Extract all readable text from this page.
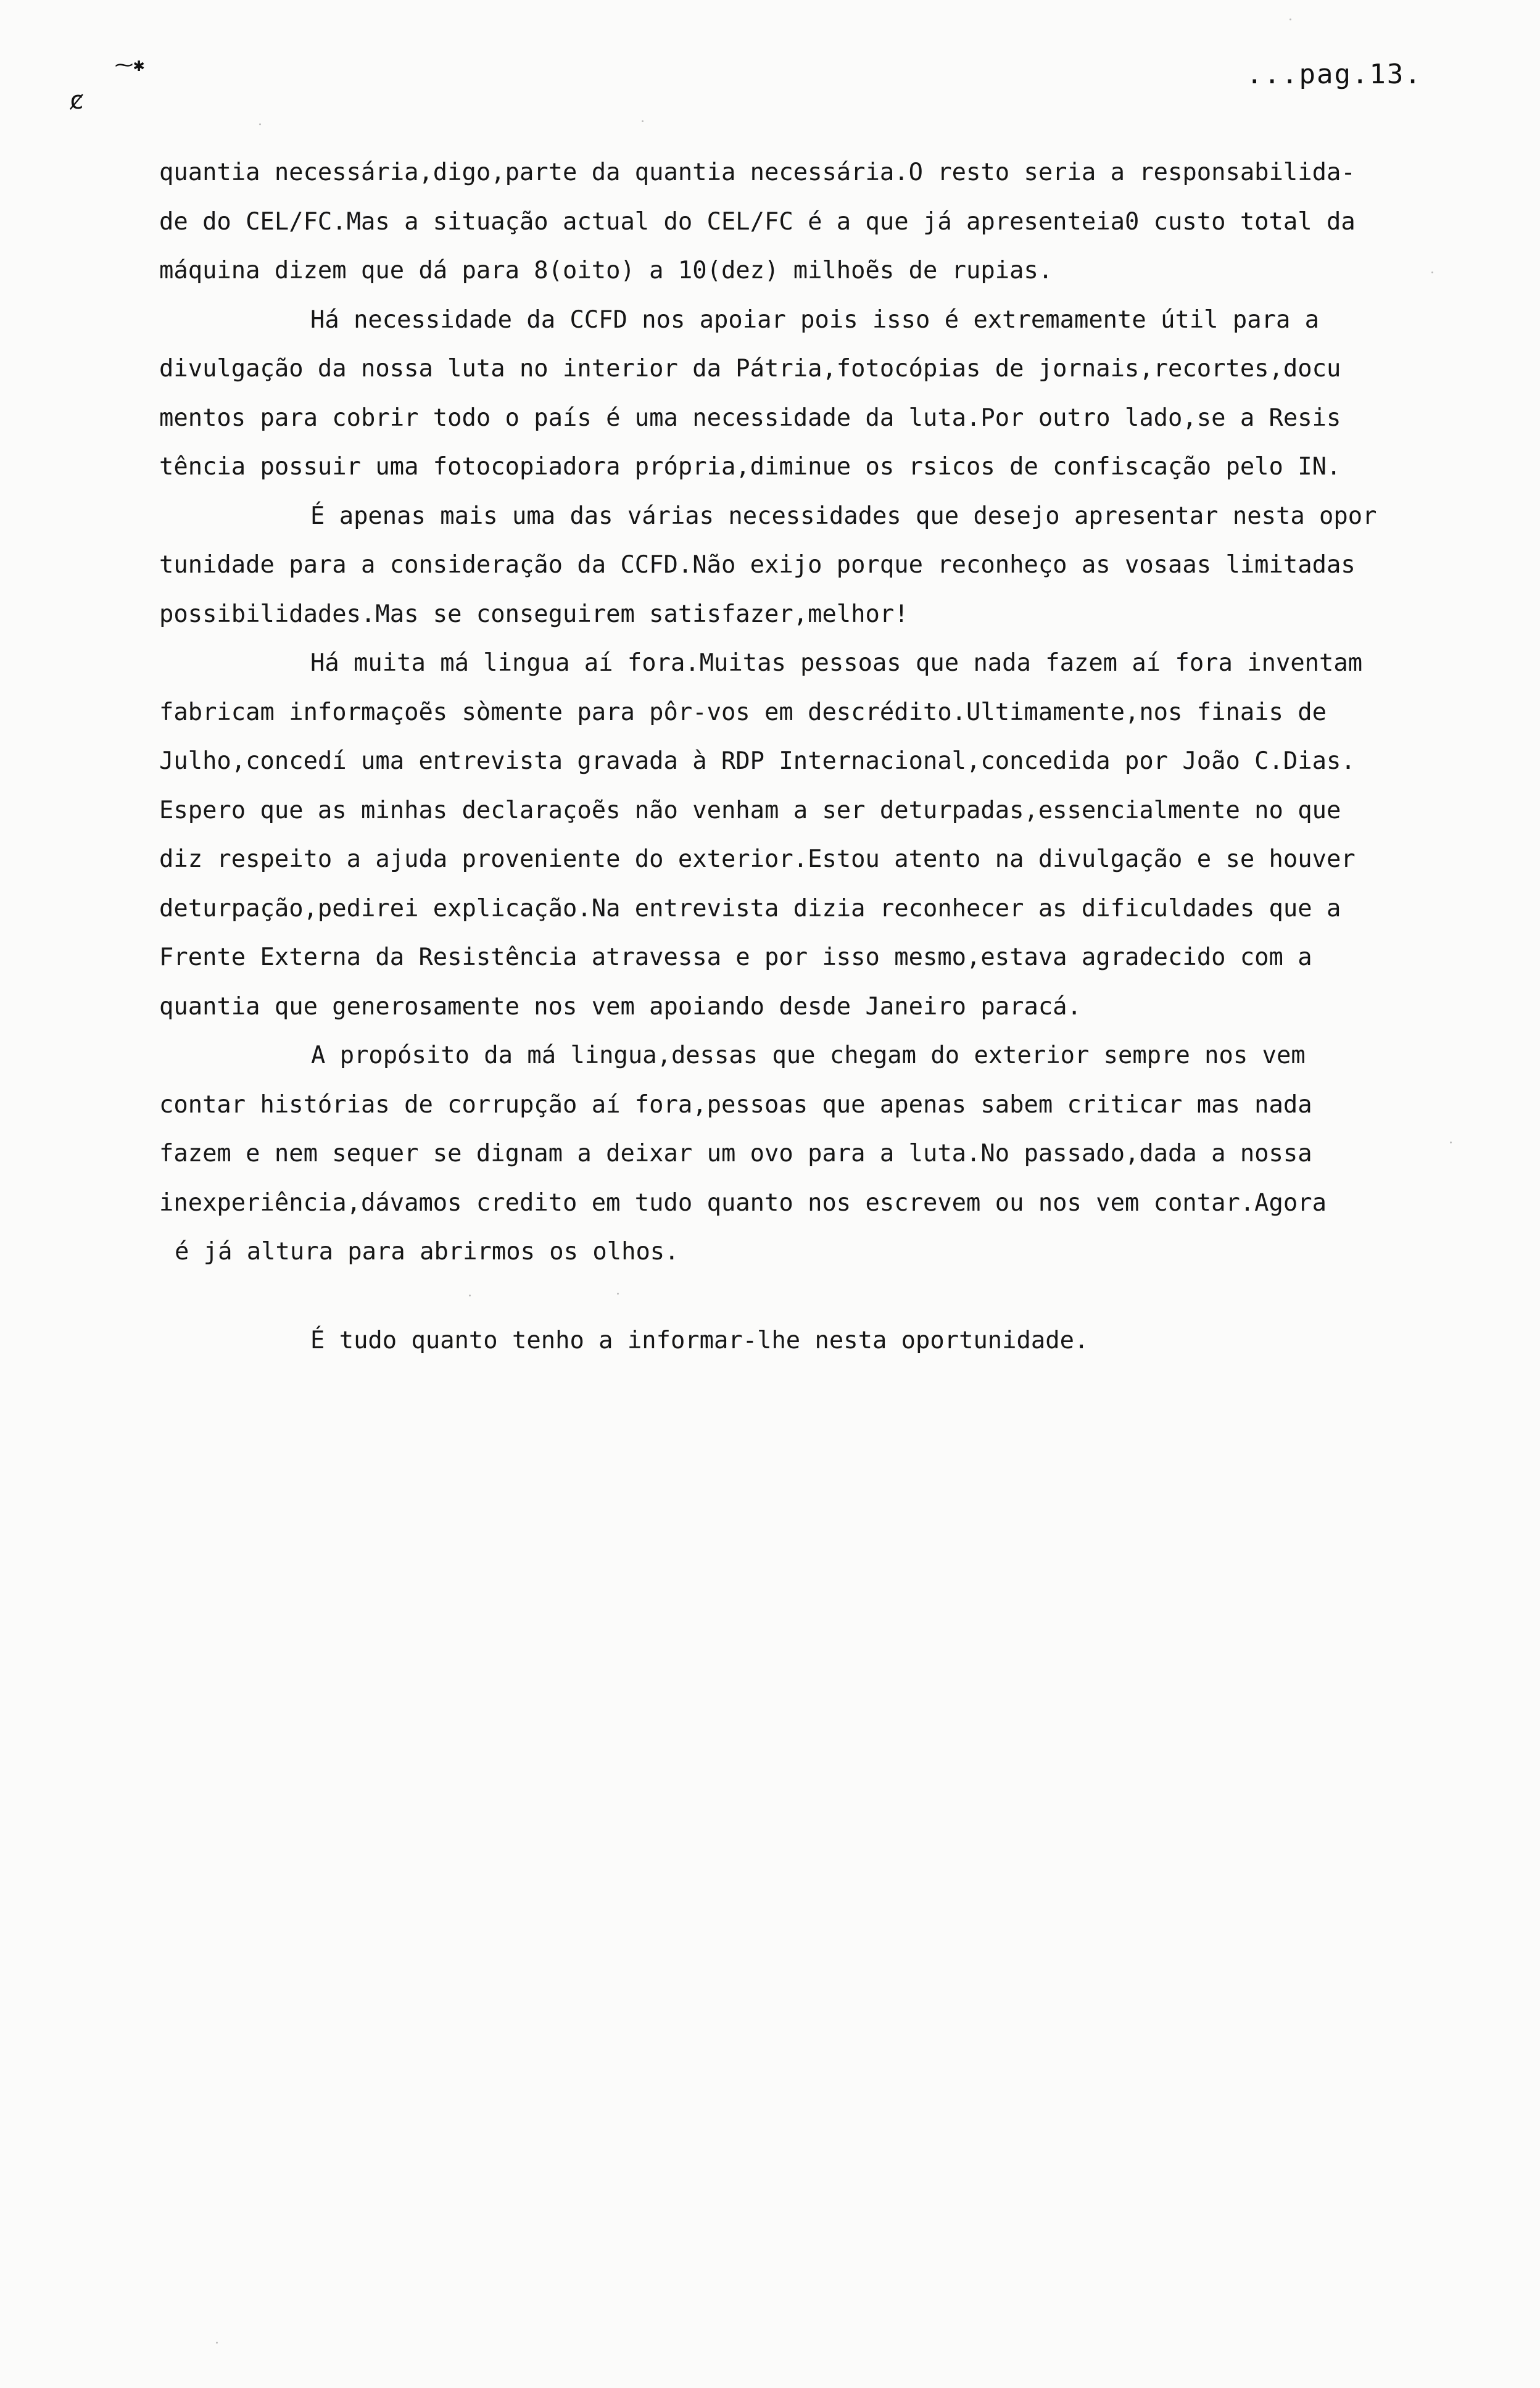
ȼ
⁓✱	...pag.13.
quantia necessária,digo,parte da quantia necessária.O resto seria a responsabilida-
de do CEL/FC.Mas a situação actual do CEL/FC é a que já apresenteia0 custo total da
máquina dizem que dá para 8(oito) a 10(dez) milhoẽs de rupias.
Há necessidade da CCFD nos apoiar pois isso é extremamente útil para a
divulgação da nossa luta no interior da Pátria,fotocópias de jornais,recortes,docu
mentos para cobrir todo o país é uma necessidade da luta.Por outro lado,se a Resis
tência possuir uma fotocopiadora própria,diminue os rsicos de confiscação pelo IN.
É apenas mais uma das várias necessidades que desejo apresentar nesta opor
tunidade para a consideração da CCFD.Não exijo porque reconheço as vosaas limitadas
possibilidades.Mas se conseguirem satisfazer,melhor!
Há muita má lingua aí fora.Muitas pessoas que nada fazem aí fora inventam
fabricam informaçoẽs sòmente para pôr-vos em descrédito.Ultimamente,nos finais de
Julho,concedí uma entrevista gravada à RDP Internacional,concedida por João C.Dias.
Espero que as minhas declaraçoẽs não venham a ser deturpadas,essencialmente no que
diz respeito a ajuda proveniente do exterior.Estou atento na divulgação e se houver
deturpação,pedirei explicação.Na entrevista dizia reconhecer as dificuldades que a
Frente Externa da Resistência atravessa e por isso mesmo,estava agradecido com a
quantia que generosamente nos vem apoiando desde Janeiro paracá.
A propósito da má lingua,dessas que chegam do exterior sempre nos vem
contar histórias de corrupção aí fora,pessoas que apenas sabem criticar mas nada
fazem e nem sequer se dignam a deixar um ovo para a luta.No passado,dada a nossa
inexperiência,dávamos credito em tudo quanto nos escrevem ou nos vem contar.Agora
é já altura para abrirmos os olhos.
É tudo quanto tenho a informar-lhe nesta oportunidade.
